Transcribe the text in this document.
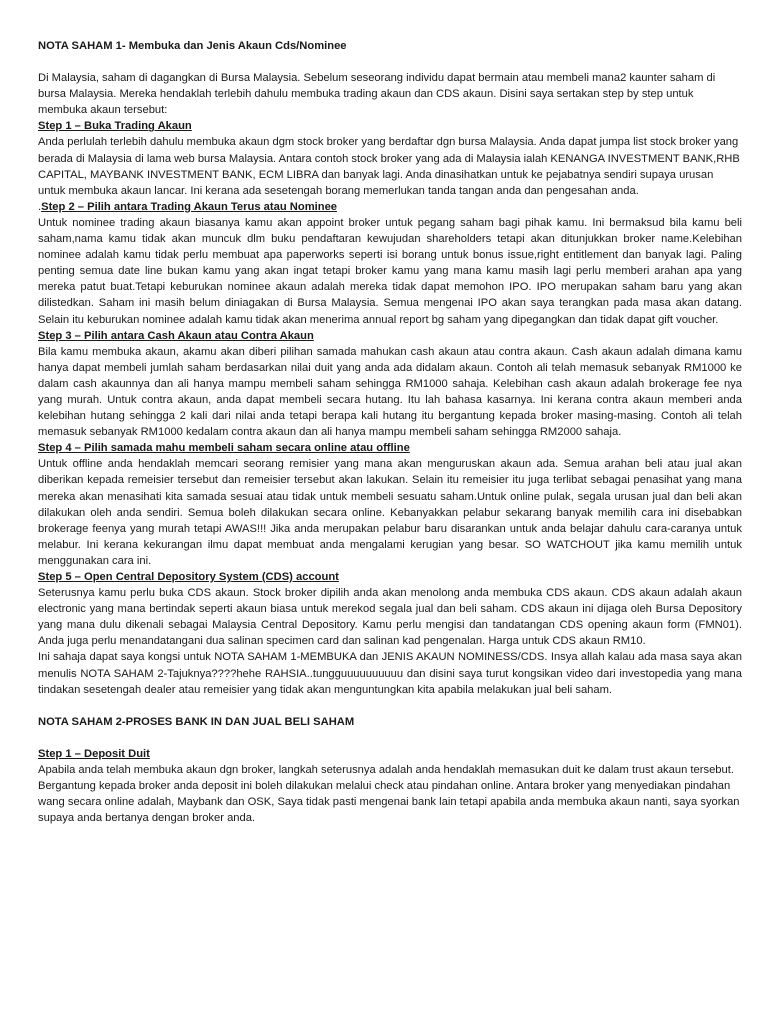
NOTA SAHAM 1- Membuka dan Jenis Akaun Cds/Nominee

Di Malaysia, saham di dagangkan di Bursa Malaysia. Sebelum seseorang individu dapat bermain atau membeli mana2 kaunter saham di bursa Malaysia. Mereka hendaklah terlebih dahulu membuka trading akaun dan CDS akaun. Disini saya sertakan step by step untuk membuka akaun tersebut:

Step 1 – Buka Trading Akaun

Anda perlulah terlebih dahulu membuka akaun dgm stock broker yang berdaftar dgn bursa Malaysia. Anda dapat jumpa list stock broker yang berada di Malaysia di lama web bursa Malaysia. Antara contoh stock broker yang ada di Malaysia ialah KENANGA INVESTMENT BANK,RHB CAPITAL, MAYBANK INVESTMENT BANK, ECM LIBRA dan banyak lagi. Anda dinasihatkan untuk ke pejabatnya sendiri supaya urusan untuk membuka akaun lancar. Ini kerana ada sesetengah borang memerlukan tanda tangan anda dan pengesahan anda.

.Step 2 – Pilih antara Trading Akaun Terus atau Nominee

Untuk nominee trading akaun biasanya kamu akan appoint broker untuk pegang saham bagi pihak kamu. Ini bermaksud bila kamu beli saham,nama kamu tidak akan muncuk dlm buku pendaftaran kewujudan shareholders tetapi akan ditunjukkan broker name.Kelebihan nominee adalah kamu tidak perlu membuat apa paperworks seperti isi borang untuk bonus issue,right entitlement dan banyak lagi. Paling penting semua date line bukan kamu yang akan ingat tetapi broker kamu yang mana kamu masih lagi perlu memberi arahan apa yang mereka patut buat.Tetapi keburukan nominee akaun adalah mereka tidak dapat memohon IPO. IPO merupakan saham baru yang akan dilistedkan. Saham ini masih belum diniagakan di Bursa Malaysia. Semua mengenai IPO akan saya terangkan pada masa akan datang. Selain itu keburukan nominee adalah kamu tidak akan menerima annual report bg saham yang dipegangkan dan tidak dapat gift voucher.

Step 3 – Pilih antara Cash Akaun atau Contra Akaun

Bila kamu membuka akaun, akamu akan diberi pilihan samada mahukan cash akaun atau contra akaun. Cash akaun adalah dimana kamu hanya dapat membeli jumlah saham berdasarkan nilai duit yang anda ada didalam akaun. Contoh ali telah memasuk sebanyak RM1000 ke dalam cash akaunnya dan ali hanya mampu membeli saham sehingga RM1000 sahaja. Kelebihan cash akaun adalah brokerage fee nya yang murah. Untuk contra akaun, anda dapat membeli secara hutang. Itu lah bahasa kasarnya. Ini kerana contra akaun memberi anda kelebihan hutang sehingga 2 kali dari nilai anda tetapi berapa kali hutang itu bergantung kepada broker masing-masing. Contoh ali telah memasuk sebanyak RM1000 kedalam contra akaun dan ali hanya mampu membeli saham sehingga RM2000 sahaja.

Step 4 – Pilih samada mahu membeli saham secara online atau offline

Untuk offline anda hendaklah memcari seorang remisier yang mana akan menguruskan akaun ada. Semua arahan beli atau jual akan diberikan kepada remeisier tersebut dan remeisier tersebut akan lakukan. Selain itu remeisier itu juga terlibat sebagai penasihat yang mana mereka akan menasihati kita samada sesuai atau tidak untuk membeli sesuatu saham.Untuk online pulak, segala urusan jual dan beli akan dilakukan oleh anda sendiri. Semua boleh dilakukan secara online. Kebanyakkan pelabur sekarang banyak memilih cara ini disebabkan brokerage feenya yang murah tetapi AWAS!!! Jika anda merupakan pelabur baru disarankan untuk anda belajar dahulu cara-caranya untuk melabur. Ini kerana kekurangan ilmu dapat membuat anda mengalami kerugian yang besar. SO WATCHOUT jika kamu memilih untuk menggunakan cara ini.

Step 5 – Open Central Depository System (CDS) account

Seterusnya kamu perlu buka CDS akaun. Stock broker dipilih anda akan menolong anda membuka CDS akaun. CDS akaun adalah akaun electronic yang mana bertindak seperti akaun biasa untuk merekod segala jual dan beli saham. CDS akaun ini dijaga oleh Bursa Depository yang mana dulu dikenali sebagai Malaysia Central Depository. Kamu perlu mengisi dan tandatangan CDS opening akaun form (FMN01). Anda juga perlu menandatangani dua salinan specimen card dan salinan kad pengenalan. Harga untuk CDS akaun RM10.

Ini sahaja dapat saya kongsi untuk NOTA SAHAM 1-MEMBUKA dan JENIS AKAUN NOMINESS/CDS. Insya allah kalau ada masa saya akan menulis NOTA SAHAM 2-Tajuknya????hehe RAHSIA..tungguuuuuuuuuu dan disini saya turut kongsikan video dari investopedia yang mana tindakan sesetengah dealer atau remeisier yang tidak akan menguntungkan kita apabila melakukan jual beli saham.

NOTA SAHAM 2-PROSES BANK IN DAN JUAL BELI SAHAM

Step 1 – Deposit Duit

Apabila anda telah membuka akaun dgn broker, langkah seterusnya adalah anda hendaklah memasukan duit ke dalam trust akaun tersebut. Bergantung kepada broker anda deposit ini boleh dilakukan melalui check atau pindahan online. Antara broker yang menyediakan pindahan wang secara online adalah, Maybank dan OSK, Saya tidak pasti mengenai bank lain tetapi apabila anda membuka akaun nanti, saya syorkan supaya anda bertanya dengan broker anda.
